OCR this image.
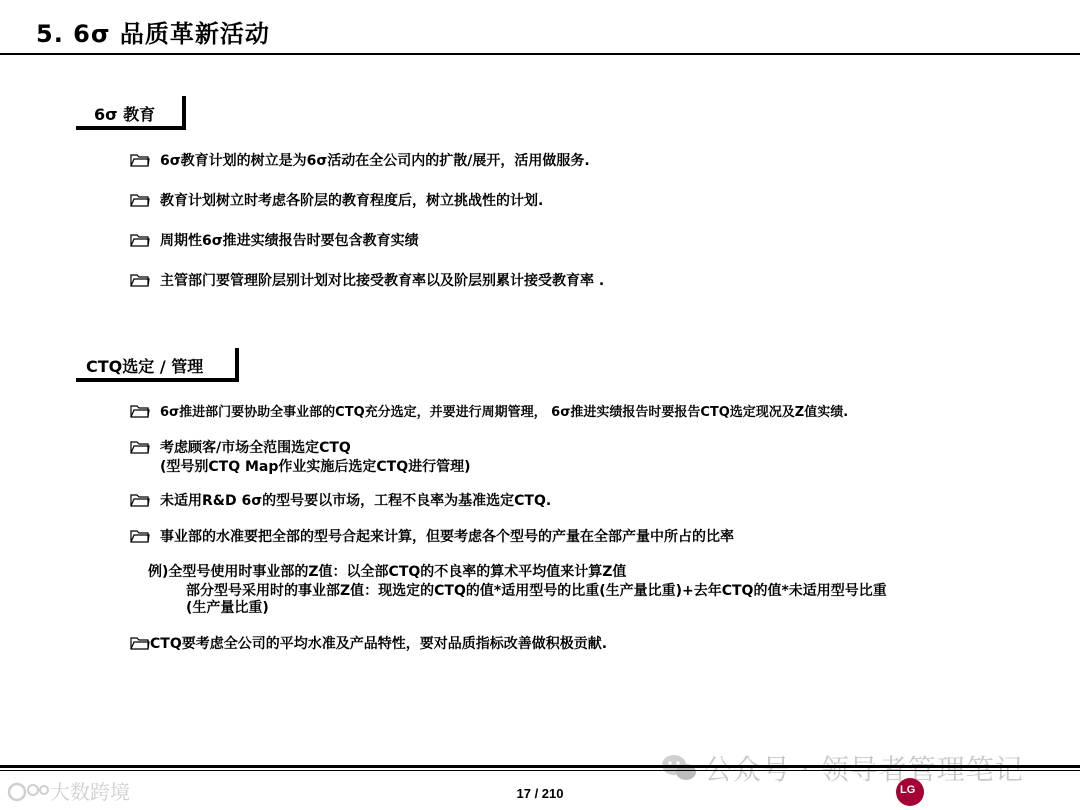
5. 6σ 品质革新活动
6σ 教育
6σ教育计划的树立是为6σ活动在全公司内的扩散/展开，活用做服务.
教育计划树立时考虑各阶层的教育程度后，树立挑战性的计划.
周期性6σ推进实绩报告时要包含教育实绩
主管部门要管理阶层别计划对比接受教育率以及阶层别累计接受教育率 .
CTQ选定 / 管理
6σ推进部门要协助全事业部的CTQ充分选定，并要进行周期管理， 6σ推进实绩报告时要报告CTQ选定现况及Z值实绩.
考虑顾客/市场全范围选定CTQ
(型号别CTQ Map作业实施后选定CTQ进行管理)
未适用R&D 6σ的型号要以市场，工程不良率为基准选定CTQ.
事业部的水准要把全部的型号合起来计算，但要考虑各个型号的产量在全部产量中所占的比率
例)全型号使用时事业部的Z值：以全部CTQ的不良率的算术平均值来计算Z值
部分型号采用时的事业部Z值：现选定的CTQ的值*适用型号的比重(生产量比重)+去年CTQ的值*未适用型号比重
(生产量比重)
CTQ要考虑全公司的平均水准及产品特性，要对品质指标改善做积极贡献.
大数跨境	17 / 210	LG
